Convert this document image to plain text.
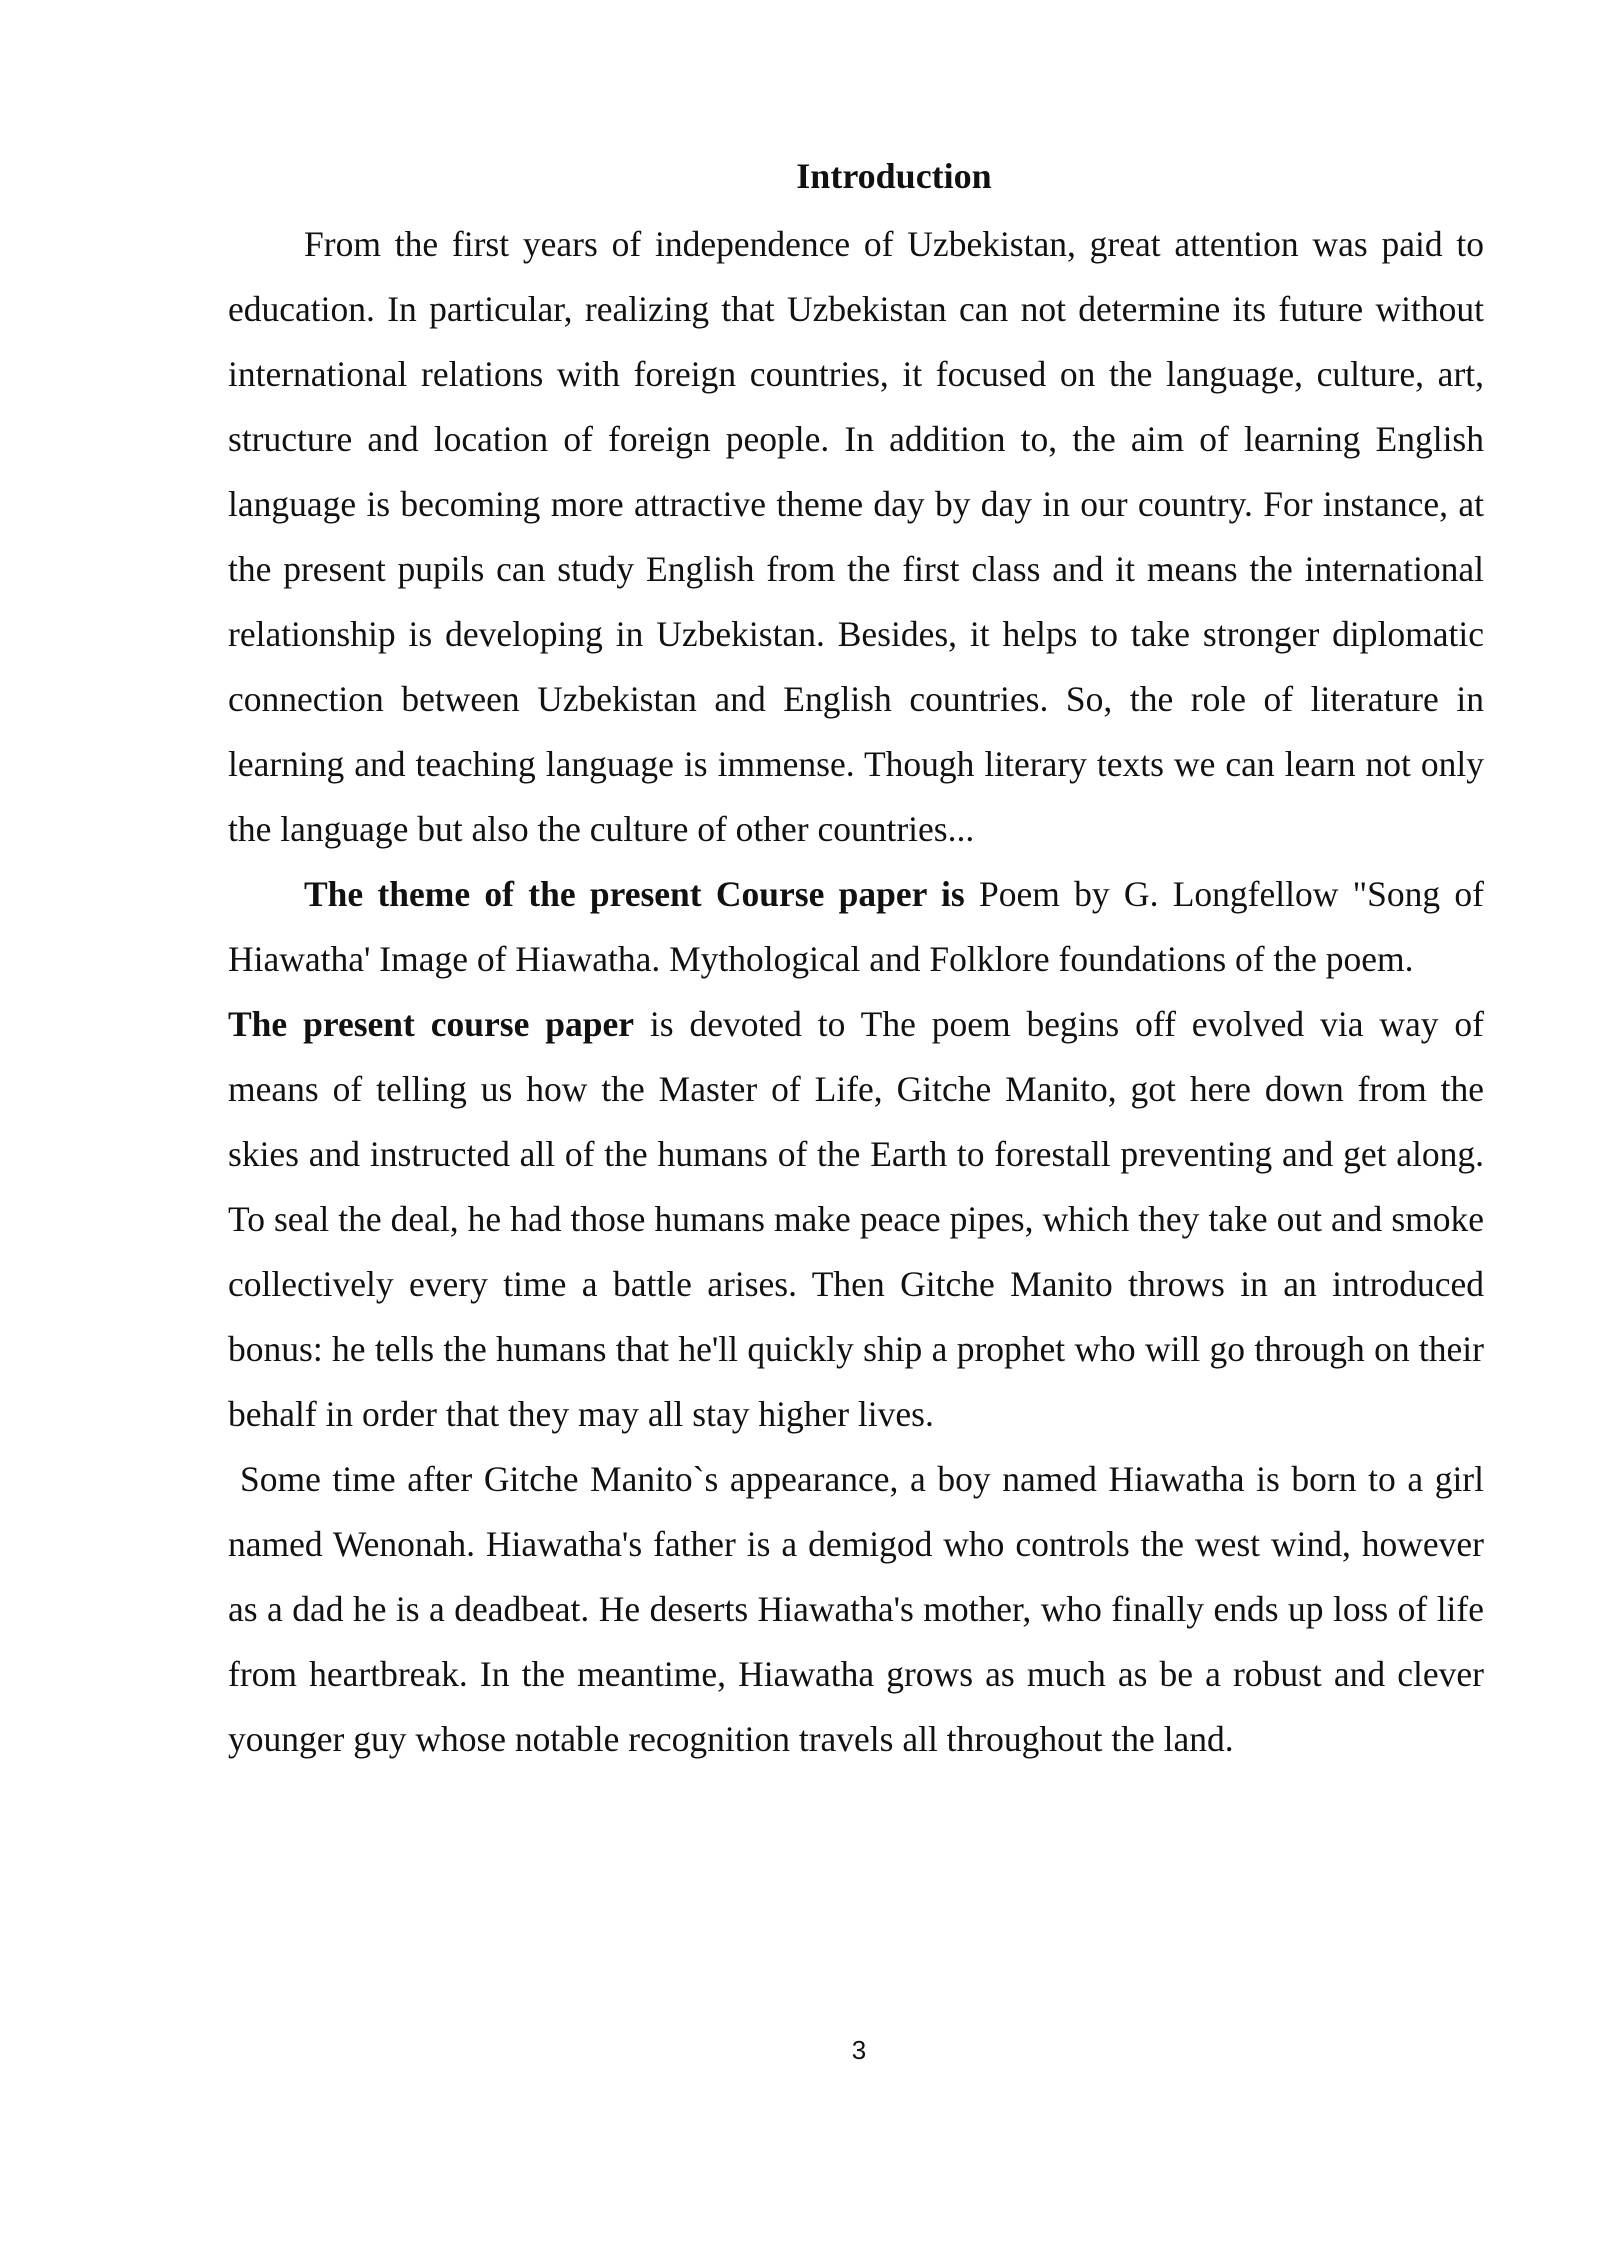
Introduction

From the first years of independence of Uzbekistan, great attention was paid to education. In particular, realizing that Uzbekistan can not determine its future without international relations with foreign countries, it focused on the language, culture, art, structure and location of foreign people. In addition to, the aim of learning English language is becoming more attractive theme day by day in our country. For instance, at the present pupils can study English from the first class and it means the international relationship is developing in Uzbekistan. Besides, it helps to take stronger diplomatic connection between Uzbekistan and English countries. So, the role of literature in learning and teaching language is immense. Though literary texts we can learn not only the language but also the culture of other countries...

The theme of the present Course paper is Poem by G. Longfellow "Song of Hiawatha' Image of Hiawatha. Mythological and Folklore foundations of the poem.

The present course paper is devoted to The poem begins off evolved via way of means of telling us how the Master of Life, Gitche Manito, got here down from the skies and instructed all of the humans of the Earth to forestall preventing and get along. To seal the deal, he had those humans make peace pipes, which they take out and smoke collectively every time a battle arises. Then Gitche Manito throws in an introduced bonus: he tells the humans that he'll quickly ship a prophet who will go through on their behalf in order that they may all stay higher lives.

Some time after Gitche Manito`s appearance, a boy named Hiawatha is born to a girl named Wenonah. Hiawatha's father is a demigod who controls the west wind, however as a dad he is a deadbeat. He deserts Hiawatha's mother, who finally ends up loss of life from heartbreak. In the meantime, Hiawatha grows as much as be a robust and clever younger guy whose notable recognition travels all throughout the land.

3
